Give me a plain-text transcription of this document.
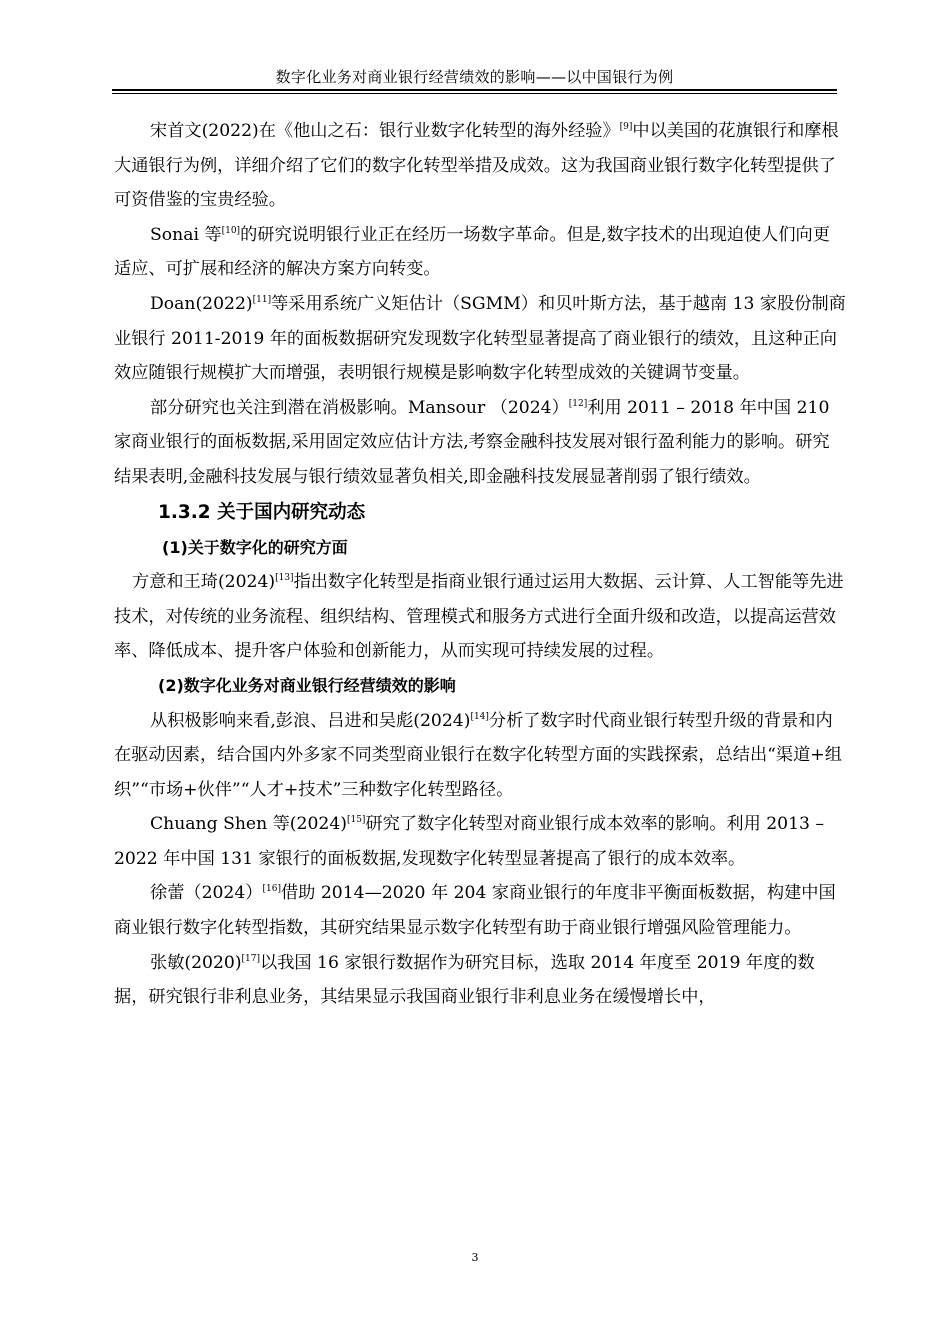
数字化业务对商业银行经营绩效的影响——以中国银行为例

宋首文(2022)在《他山之石：银行业数字化转型的海外经验》[9]中以美国的花旗银行和摩根大通银行为例，详细介绍了它们的数字化转型举措及成效。这为我国商业银行数字化转型提供了可资借鉴的宝贵经验。

Sonai 等[10]的研究说明银行业正在经历一场数字革命。但是,数字技术的出现迫使人们向更适应、可扩展和经济的解决方案方向转变。

Doan(2022)[11]等采用系统广义矩估计（SGMM）和贝叶斯方法，基于越南 13 家股份制商业银行 2011-2019 年的面板数据研究发现数字化转型显著提高了商业银行的绩效，且这种正向效应随银行规模扩大而增强，表明银行规模是影响数字化转型成效的关键调节变量。

部分研究也关注到潜在消极影响。Mansour （2024）[12]利用 2011 – 2018 年中国 210 家商业银行的面板数据,采用固定效应估计方法,考察金融科技发展对银行盈利能力的影响。研究结果表明,金融科技发展与银行绩效显著负相关,即金融科技发展显著削弱了银行绩效。

1.3.2 关于国内研究动态
(1)关于数字化的研究方面

方意和王琦(2024)[13]指出数字化转型是指商业银行通过运用大数据、云计算、人工智能等先进技术，对传统的业务流程、组织结构、管理模式和服务方式进行全面升级和改造，以提高运营效率、降低成本、提升客户体验和创新能力，从而实现可持续发展的过程。

(2)数字化业务对商业银行经营绩效的影响

从积极影响来看,彭浪、吕进和吴彪(2024)[14]分析了数字时代商业银行转型升级的背景和内在驱动因素，结合国内外多家不同类型商业银行在数字化转型方面的实践探索，总结出“渠道+组织”“市场+伙伴”“人才+技术”三种数字化转型路径。

Chuang Shen 等(2024)[15]研究了数字化转型对商业银行成本效率的影响。利用 2013 – 2022 年中国 131 家银行的面板数据,发现数字化转型显著提高了银行的成本效率。

徐蕾（2024）[16]借助 2014—2020 年 204 家商业银行的年度非平衡面板数据，构建中国商业银行数字化转型指数，其研究结果显示数字化转型有助于商业银行增强风险管理能力。

张敏(2020)[17]以我国 16 家银行数据作为研究目标，选取 2014 年度至 2019 年度的数据，研究银行非利息业务，其结果显示我国商业银行非利息业务在缓慢增长中，

3
